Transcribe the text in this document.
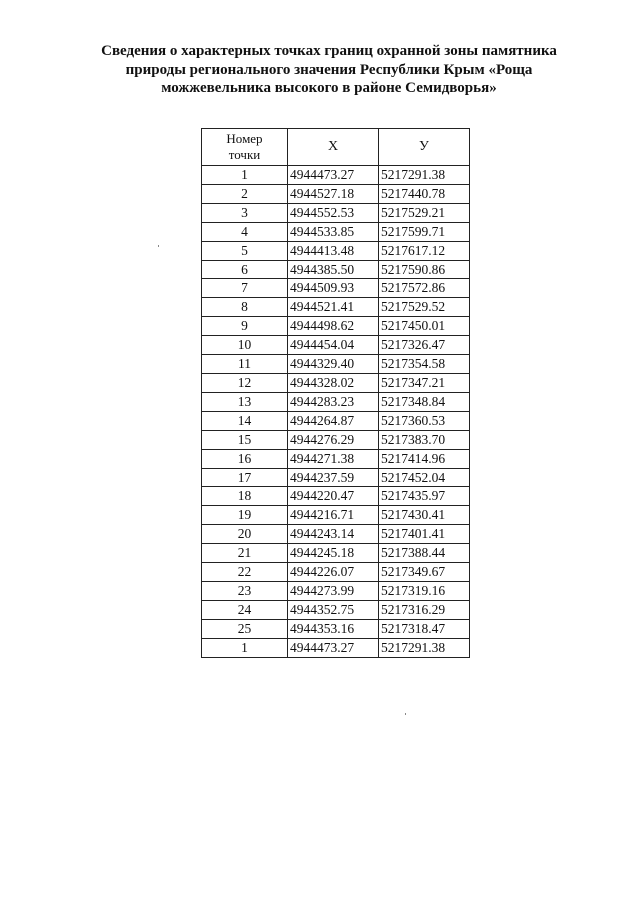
Сведения о характерных точках границ охранной зоны памятника
природы регионального значения Республики Крым «Роща
можжевельника высокого в районе Семидворья»
Номер
точки	X	У
1	4944473.27	5217291.38
2	4944527.18	5217440.78
3	4944552.53	5217529.21
4	4944533.85	5217599.71
5	4944413.48	5217617.12
6	4944385.50	5217590.86
7	4944509.93	5217572.86
8	4944521.41	5217529.52
9	4944498.62	5217450.01
10	4944454.04	5217326.47
11	4944329.40	5217354.58
12	4944328.02	5217347.21
13	4944283.23	5217348.84
14	4944264.87	5217360.53
15	4944276.29	5217383.70
16	4944271.38	5217414.96
17	4944237.59	5217452.04
18	4944220.47	5217435.97
19	4944216.71	5217430.41
20	4944243.14	5217401.41
21	4944245.18	5217388.44
22	4944226.07	5217349.67
23	4944273.99	5217319.16
24	4944352.75	5217316.29
25	4944353.16	5217318.47
1	4944473.27	5217291.38
